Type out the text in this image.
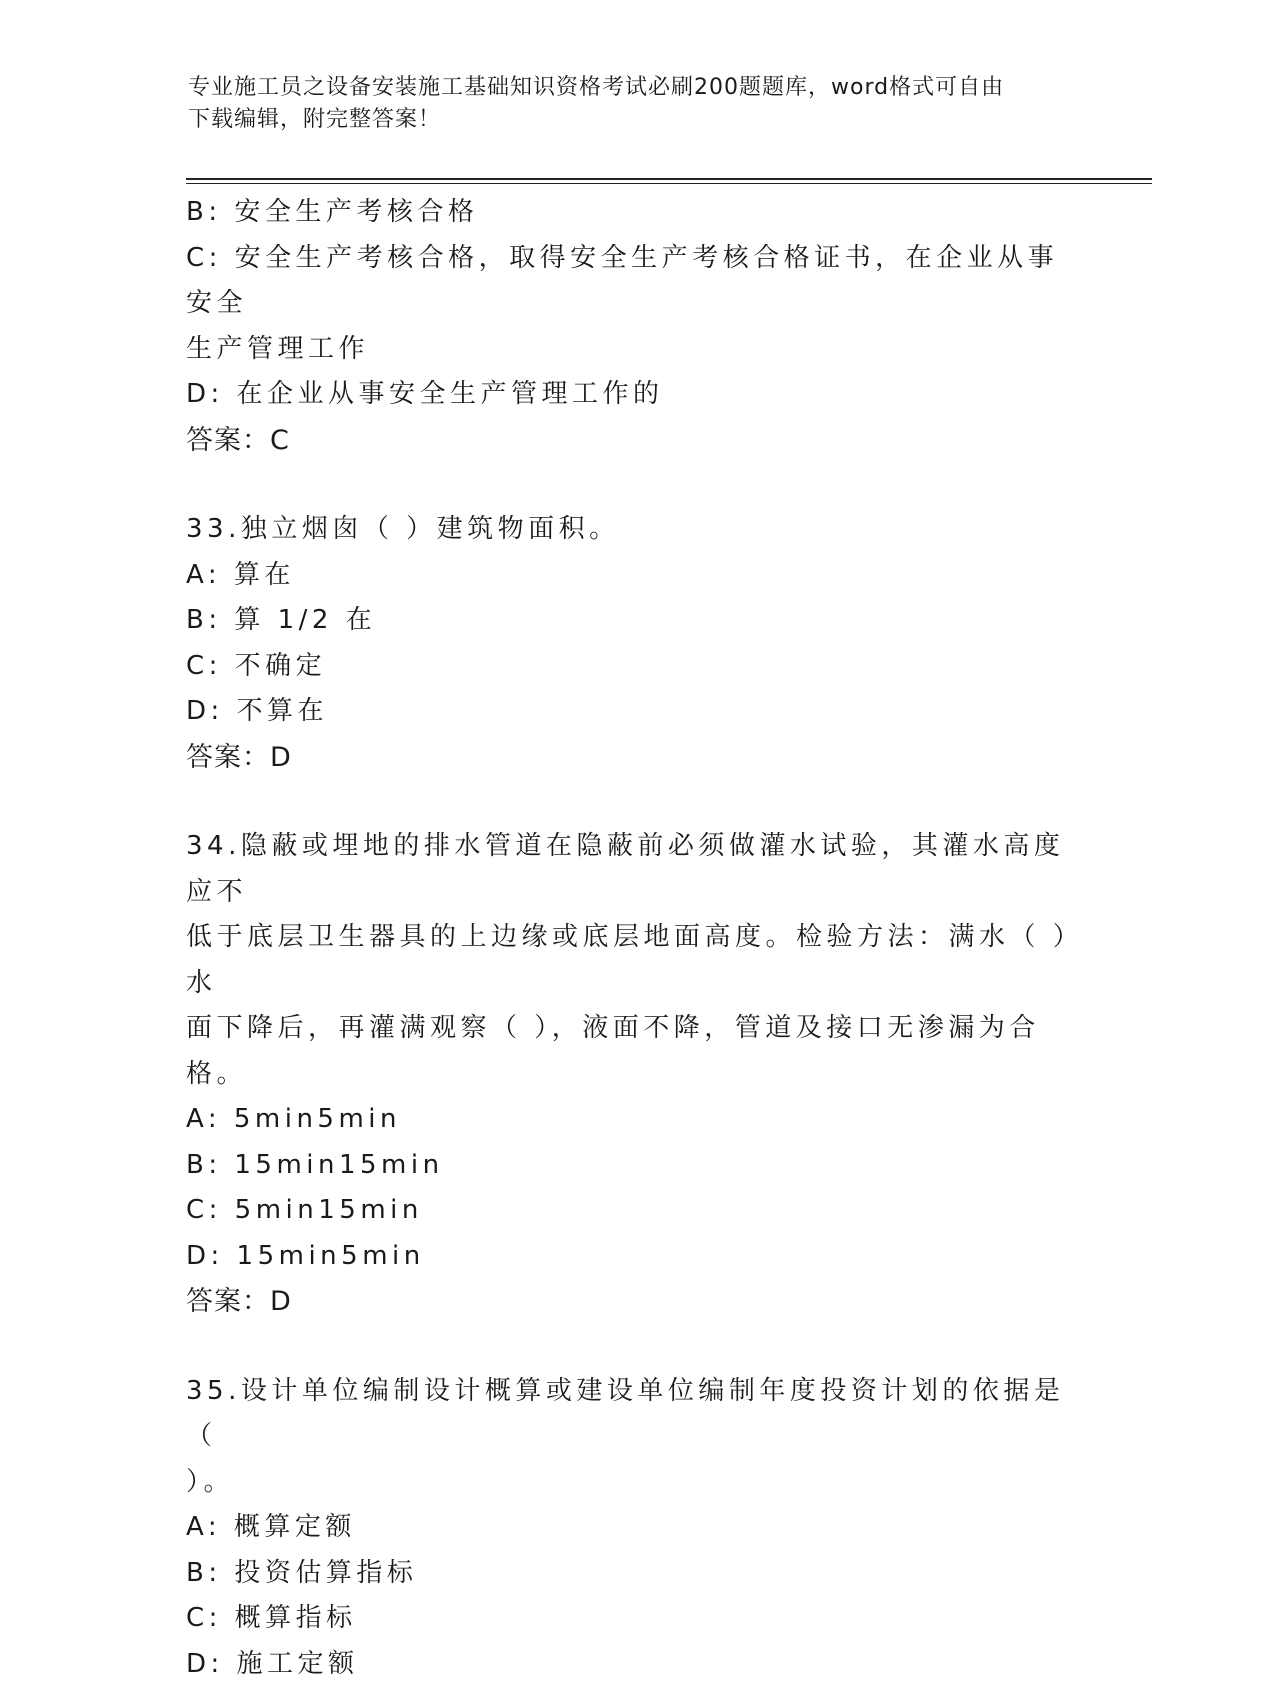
专业施工员之设备安装施工基础知识资格考试必刷200题题库，word格式可自由
下载编辑，附完整答案！
B: 安全生产考核合格
C: 安全生产考核合格，取得安全生产考核合格证书，在企业从事安全
生产管理工作
D: 在企业从事安全生产管理工作的
答案：C
33.独立烟囱（ ）建筑物面积。
A: 算在
B: 算 1/2 在
C: 不确定
D: 不算在
答案：D
34.隐蔽或埋地的排水管道在隐蔽前必须做灌水试验，其灌水高度应不
低于底层卫生器具的上边缘或底层地面高度。检验方法：满水（ ）水
面下降后，再灌满观察（ ），液面不降，管道及接口无渗漏为合格。
A: 5min5min
B: 15min15min
C: 5min15min
D: 15min5min
答案：D
35.设计单位编制设计概算或建设单位编制年度投资计划的依据是（
）。
A: 概算定额
B: 投资估算指标
C: 概算指标
D: 施工定额
